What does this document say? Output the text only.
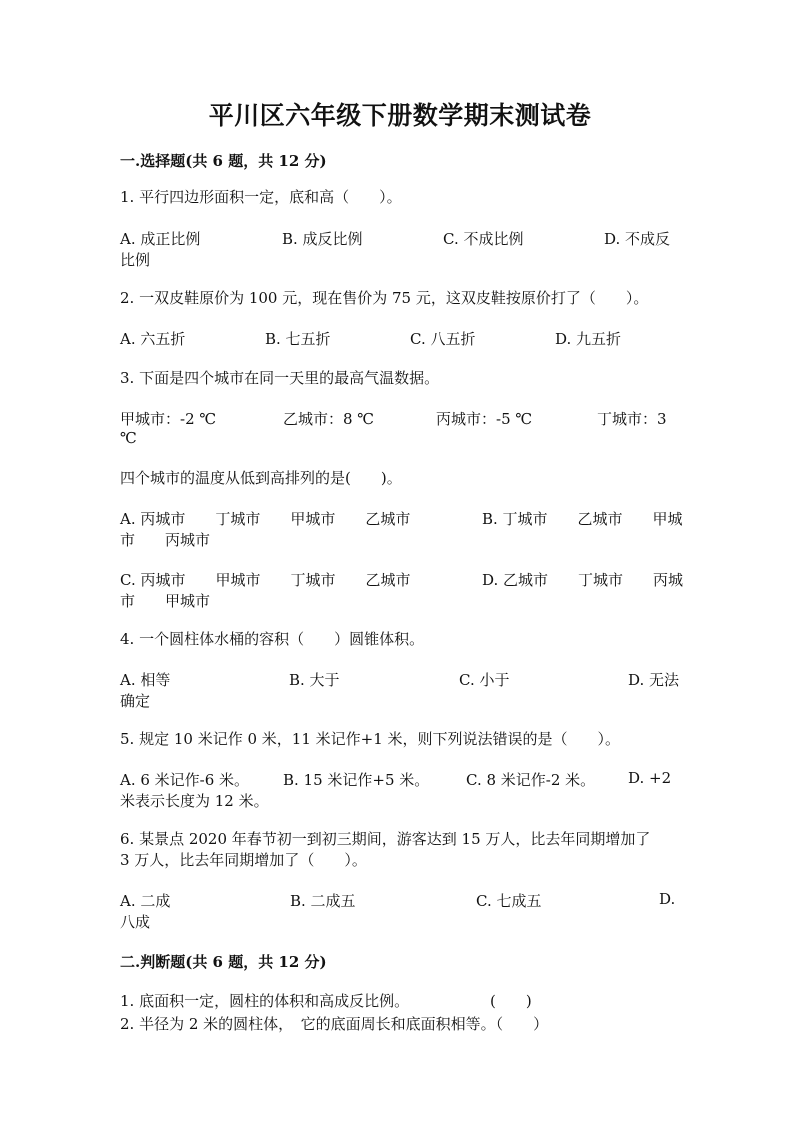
平川区六年级下册数学期末测试卷
一.选择题(共 6 题，共 12 分)
1. 平行四边形面积一定，底和高（　　）。
A. 成正比例	B. 成反比例	C. 不成比例	D. 不成反
比例
2. 一双皮鞋原价为 100 元，现在售价为 75 元，这双皮鞋按原价打了（　　）。
A. 六五折	B. 七五折	C. 八五折	D. 九五折
3. 下面是四个城市在同一天里的最高气温数据。
甲城市：-2 ℃	乙城市：8 ℃	丙城市：-5 ℃	丁城市：3
℃
四个城市的温度从低到高排列的是(　　)。
A. 丙城市　　丁城市　　甲城市　　乙城市	B. 丁城市　　乙城市　　甲城
市　　丙城市
C. 丙城市　　甲城市　　丁城市　　乙城市	D. 乙城市　　丁城市　　丙城
市　　甲城市
4. 一个圆柱体水桶的容积（　　）圆锥体积。
A. 相等	B. 大于	C. 小于	D. 无法
确定
5. 规定 10 米记作 0 米，11 米记作+1 米，则下列说法错误的是（　　）。
A. 6 米记作-6 米。 B. 15 米记作+5 米。 C. 8 米记作-2 米。 D. +2
米表示长度为 12 米。
6. 某景点 2020 年春节初一到初三期间，游客达到 15 万人，比去年同期增加了
3 万人，比去年同期增加了（　　）。
A. 二成	B. 二成五	C. 七成五	D.
八成
二.判断题(共 6 题，共 12 分)
1. 底面积一定，圆柱的体积和高成反比例。	(　　)
2. 半径为 2 米的圆柱体，　它的底面周长和底面积相等。（　　）
